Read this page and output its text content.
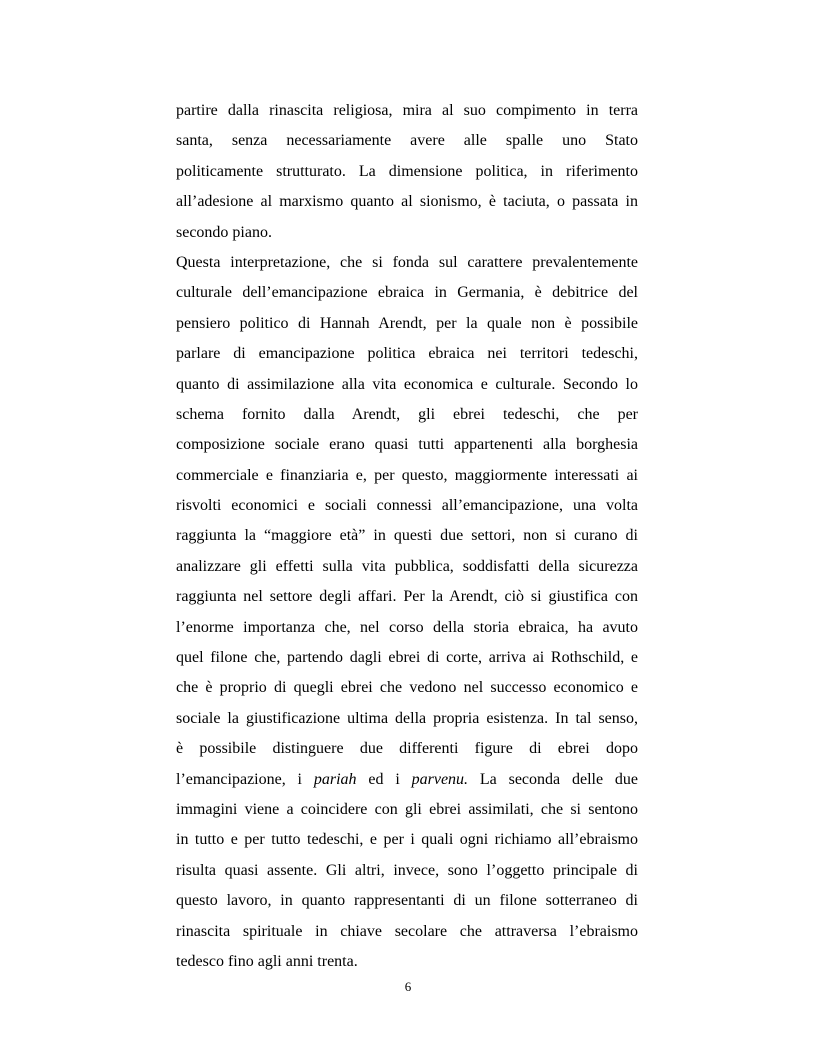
partire dalla rinascita religiosa, mira al suo compimento in terra
santa, senza necessariamente avere alle spalle uno Stato
politicamente strutturato. La dimensione politica, in riferimento
all’adesione al marxismo quanto al sionismo, è taciuta, o passata in
secondo piano.
Questa interpretazione, che si fonda sul carattere prevalentemente
culturale dell’emancipazione ebraica in Germania, è debitrice del
pensiero politico di Hannah Arendt, per la quale non è possibile
parlare di emancipazione politica ebraica nei territori tedeschi,
quanto di assimilazione alla vita economica e culturale. Secondo lo
schema fornito dalla Arendt, gli ebrei tedeschi, che per
composizione sociale erano quasi tutti appartenenti alla borghesia
commerciale e finanziaria e, per questo, maggiormente interessati ai
risvolti economici e sociali connessi all’emancipazione, una volta
raggiunta la “maggiore età” in questi due settori, non si curano di
analizzare gli effetti sulla vita pubblica, soddisfatti della sicurezza
raggiunta nel settore degli affari. Per la Arendt, ciò si giustifica con
l’enorme importanza che, nel corso della storia ebraica, ha avuto
quel filone che, partendo dagli ebrei di corte, arriva ai Rothschild, e
che è proprio di quegli ebrei che vedono nel successo economico e
sociale la giustificazione ultima della propria esistenza. In tal senso,
è possibile distinguere due differenti figure di ebrei dopo
l’emancipazione, i pariah ed i parvenu. La seconda delle due
immagini viene a coincidere con gli ebrei assimilati, che si sentono
in tutto e per tutto tedeschi, e per i quali ogni richiamo all’ebraismo
risulta quasi assente. Gli altri, invece, sono l’oggetto principale di
questo lavoro, in quanto rappresentanti di un filone sotterraneo di
rinascita spirituale in chiave secolare che attraversa l’ebraismo
tedesco fino agli anni trenta.
6
